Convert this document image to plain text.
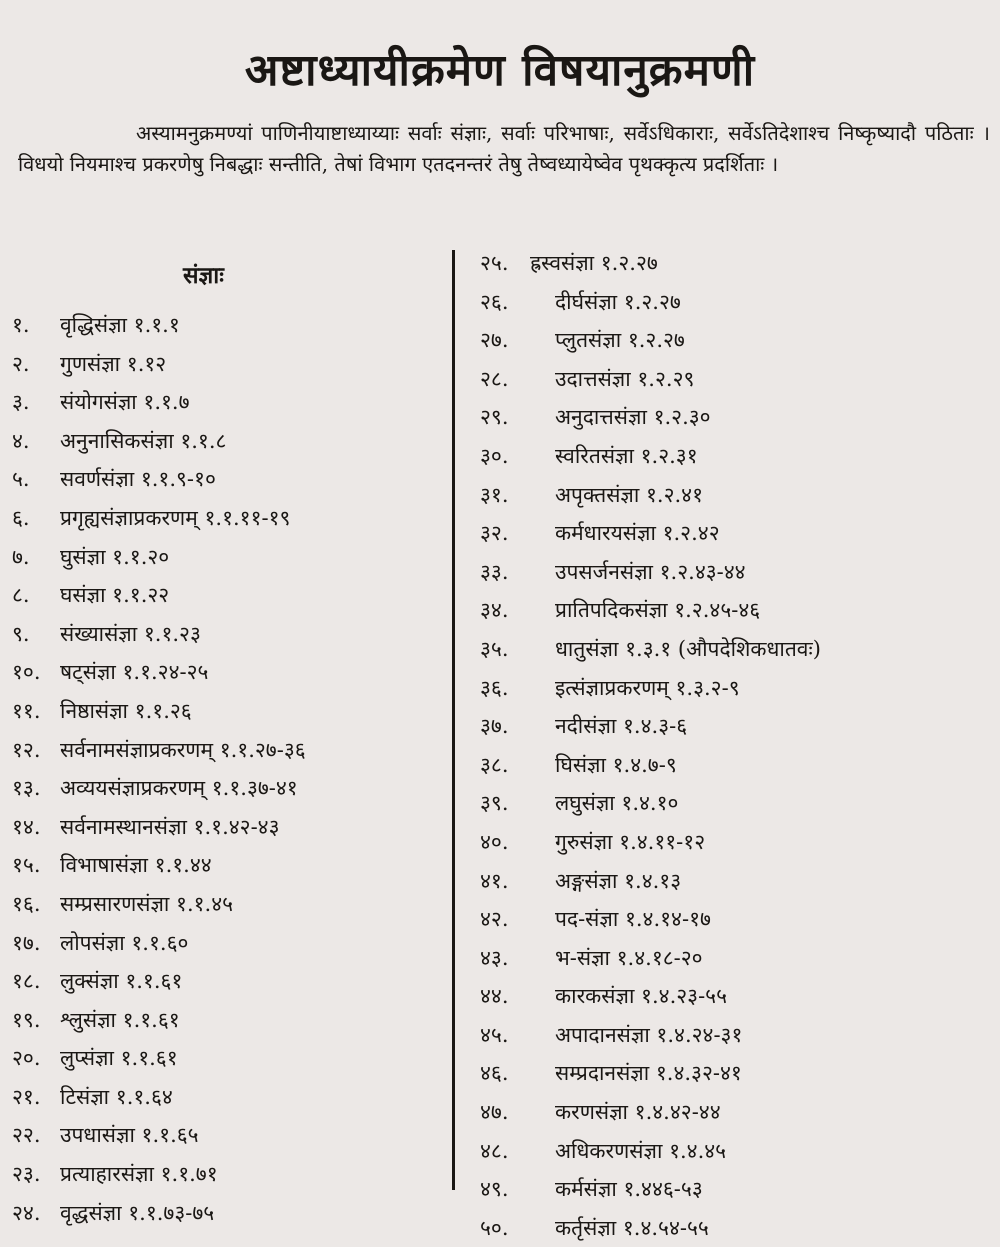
अष्टाध्यायीक्रमेण विषयानुक्रमणी

अस्यामनुक्रमण्यां पाणिनीयाष्टाध्याय्याः सर्वाः संज्ञाः, सर्वाः परिभाषाः, सर्वेऽधिकाराः, सर्वेऽतिदेशाश्च निष्कृष्यादौ पठिताः । विधयो नियमाश्च प्रकरणेषु निबद्धाः सन्तीति, तेषां विभाग एतदनन्तरं तेषु तेष्वध्यायेष्वेव पृथक्कृत्य प्रदर्शिताः ।

संज्ञाः
१. वृद्धिसंज्ञा १.१.१
२. गुणसंज्ञा १.१२
३. संयोगसंज्ञा १.१.७
४. अनुनासिकसंज्ञा १.१.८
५. सवर्णसंज्ञा १.१.९-१०
६. प्रगृह्यसंज्ञाप्रकरणम् १.१.११-१९
७. घुसंज्ञा १.१.२०
८. घसंज्ञा १.१.२२
९. संख्यासंज्ञा १.१.२३
१०. षट्संज्ञा १.१.२४-२५
११. निष्ठासंज्ञा १.१.२६
१२. सर्वनामसंज्ञाप्रकरणम् १.१.२७-३६
१३. अव्ययसंज्ञाप्रकरणम् १.१.३७-४१
१४. सर्वनामस्थानसंज्ञा १.१.४२-४३
१५. विभाषासंज्ञा १.१.४४
१६. सम्प्रसारणसंज्ञा १.१.४५
१७. लोपसंज्ञा १.१.६०
१८. लुक्संज्ञा १.१.६१
१९. श्लुसंज्ञा १.१.६१
२०. लुप्संज्ञा १.१.६१
२१. टिसंज्ञा १.१.६४
२२. उपधासंज्ञा १.१.६५
२३. प्रत्याहारसंज्ञा १.१.७१
२४. वृद्धसंज्ञा १.१.७३-७५
२५. ह्रस्वसंज्ञा १.२.२७
२६. दीर्घसंज्ञा १.२.२७
२७. प्लुतसंज्ञा १.२.२७
२८. उदात्तसंज्ञा १.२.२९
२९. अनुदात्तसंज्ञा १.२.३०
३०. स्वरितसंज्ञा १.२.३१
३१. अपृक्तसंज्ञा १.२.४१
३२. कर्मधारयसंज्ञा १.२.४२
३३. उपसर्जनसंज्ञा १.२.४३-४४
३४. प्रातिपदिकसंज्ञा १.२.४५-४६
३५. धातुसंज्ञा १.३.१ (औपदेशिकधातवः)
३६. इत्संज्ञाप्रकरणम् १.३.२-९
३७. नदीसंज्ञा १.४.३-६
३८. घिसंज्ञा १.४.७-९
३९. लघुसंज्ञा १.४.१०
४०. गुरुसंज्ञा १.४.११-१२
४१. अङ्गसंज्ञा १.४.१३
४२. पद-संज्ञा १.४.१४-१७
४३. भ-संज्ञा १.४.१८-२०
४४. कारकसंज्ञा १.४.२३-५५
४५. अपादानसंज्ञा १.४.२४-३१
४६. सम्प्रदानसंज्ञा १.४.३२-४१
४७. करणसंज्ञा १.४.४२-४४
४८. अधिकरणसंज्ञा १.४.४५
४९. कर्मसंज्ञा १.४४६-५३
५०. कर्तृसंज्ञा १.४.५४-५५
